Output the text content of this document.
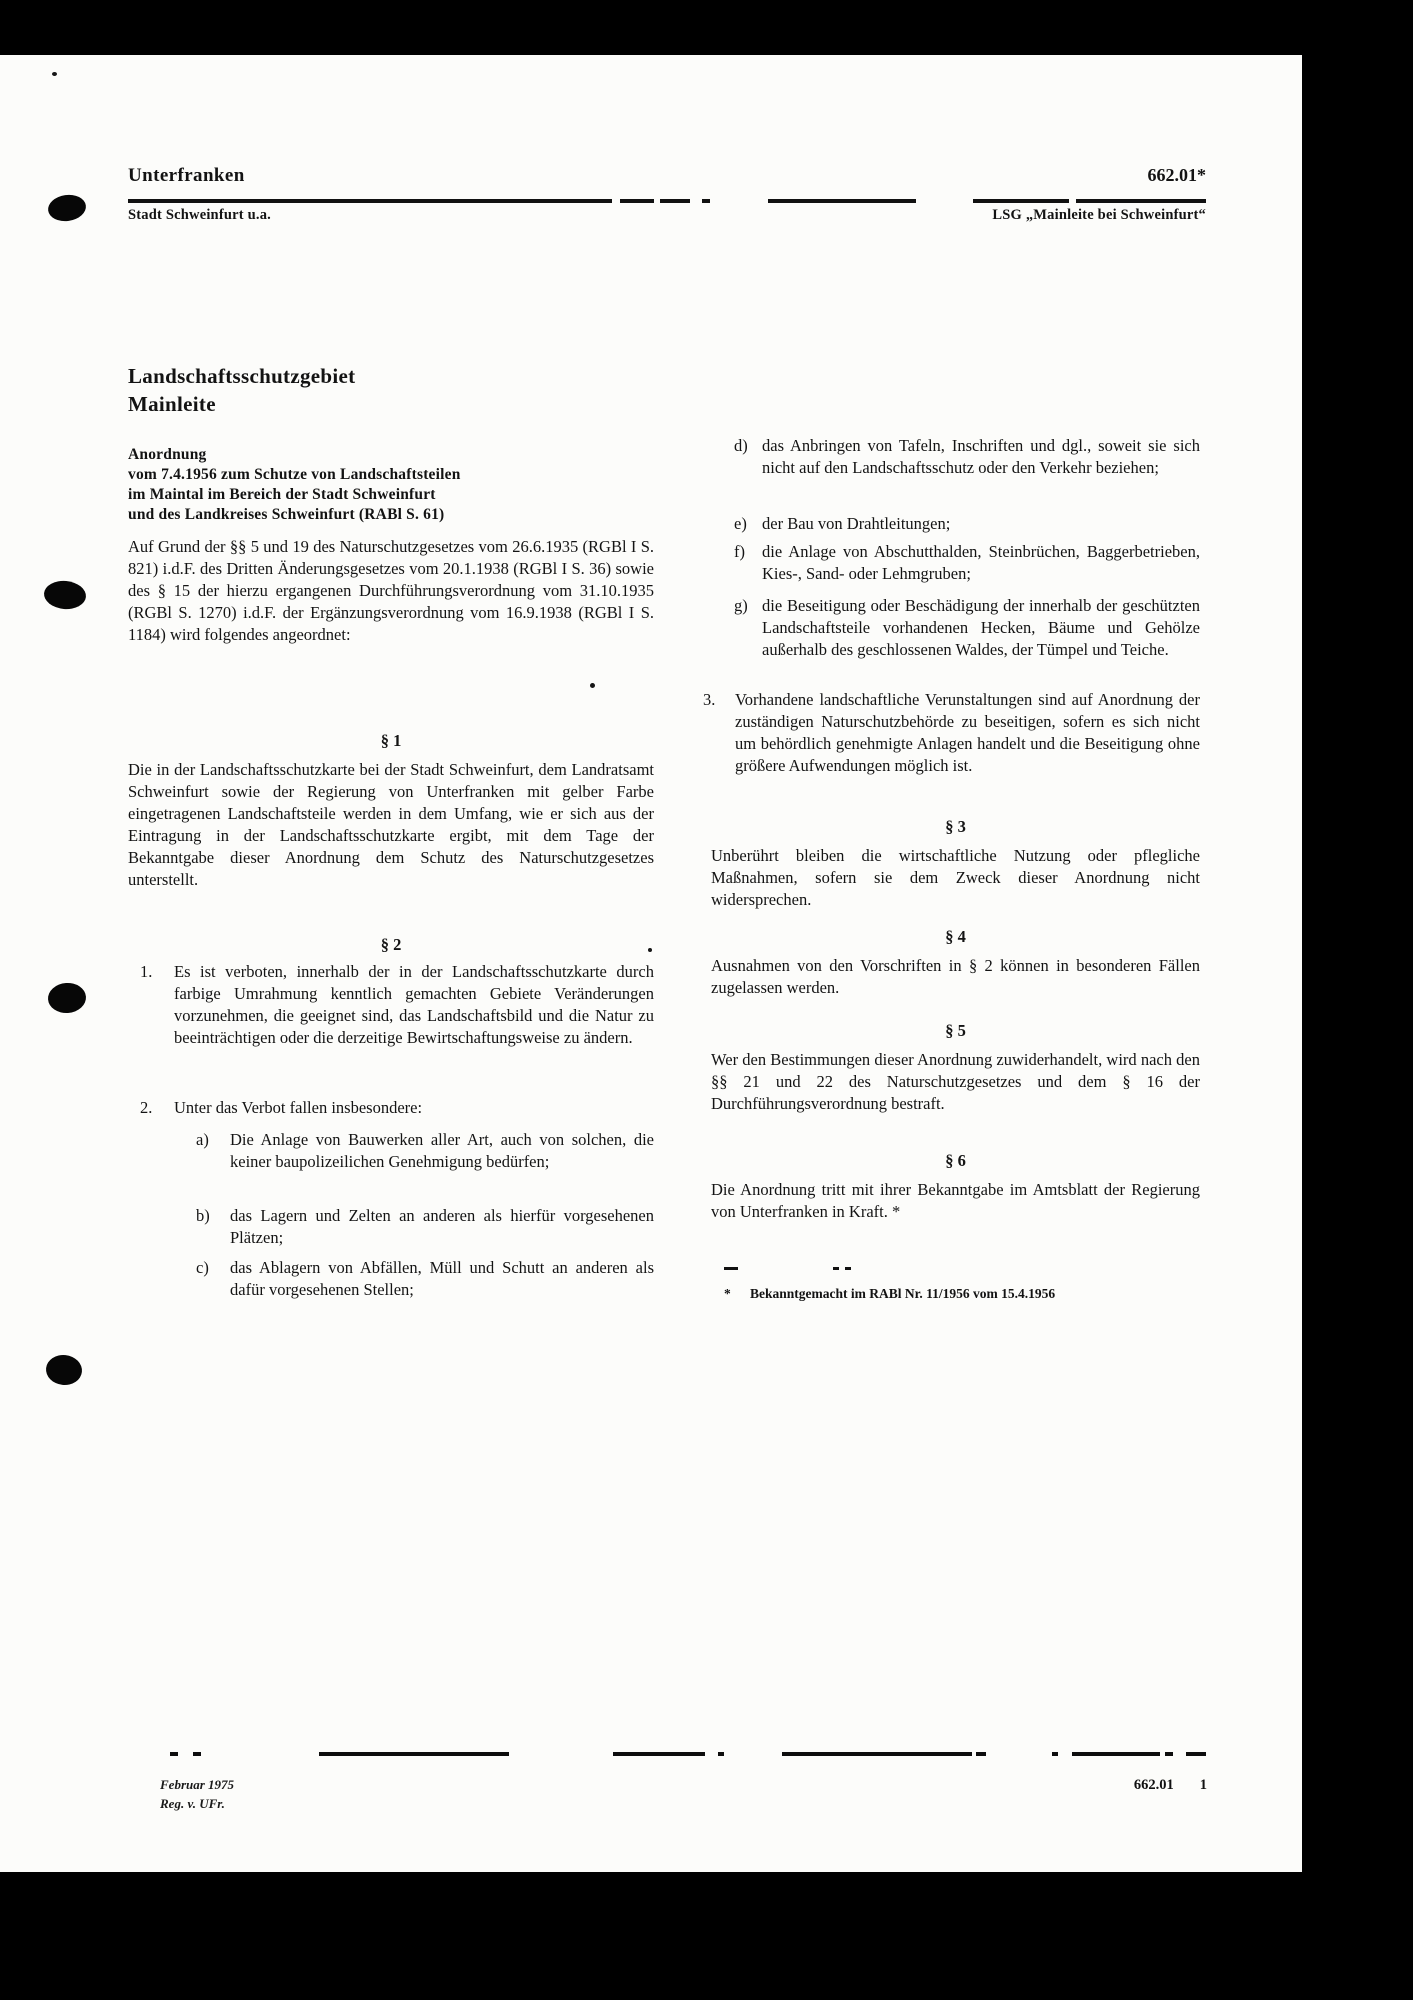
Unterfranken	662.01*
Stadt Schweinfurt u.a.	LSG „Mainleite bei Schweinfurt“
Landschaftsschutzgebiet
Mainleite
Anordnung
vom 7.4.1956 zum Schutze von Landschaftsteilen
im Maintal im Bereich der Stadt Schweinfurt
und des Landkreises Schweinfurt (RABl S. 61)
Auf Grund der §§ 5 und 19 des Naturschutzgesetzes vom 26.6.1935 (RGBl I S. 821) i.d.F. des Dritten Änderungsgesetzes vom 20.1.1938 (RGBl I S. 36) sowie des § 15 der hierzu ergangenen Durchführungsverordnung vom 31.10.1935 (RGBl S. 1270) i.d.F. der Ergänzungsverordnung vom 16.9.1938 (RGBl I S. 1184) wird folgendes angeordnet:
§ 1
Die in der Landschaftsschutzkarte bei der Stadt Schweinfurt, dem Landratsamt Schweinfurt sowie der Regierung von Unterfranken mit gelber Farbe eingetragenen Landschaftsteile werden in dem Umfang, wie er sich aus der Eintragung in der Landschaftsschutzkarte ergibt, mit dem Tage der Bekanntgabe dieser Anordnung dem Schutz des Naturschutzgesetzes unterstellt.
§ 2
1. Es ist verboten, innerhalb der in der Landschaftsschutzkarte durch farbige Umrahmung kenntlich gemachten Gebiete Veränderungen vorzunehmen, die geeignet sind, das Landschaftsbild und die Natur zu beeinträchtigen oder die derzeitige Bewirtschaftungsweise zu ändern.
2. Unter das Verbot fallen insbesondere:
a) Die Anlage von Bauwerken aller Art, auch von solchen, die keiner baupolizeilichen Genehmigung bedürfen;
b) das Lagern und Zelten an anderen als hierfür vorgesehenen Plätzen;
c) das Ablagern von Abfällen, Müll und Schutt an anderen als dafür vorgesehenen Stellen;
d) das Anbringen von Tafeln, Inschriften und dgl., soweit sie sich nicht auf den Landschaftsschutz oder den Verkehr beziehen;
e) der Bau von Drahtleitungen;
f) die Anlage von Abschutthalden, Steinbrüchen, Baggerbetrieben, Kies-, Sand- oder Lehmgruben;
g) die Beseitigung oder Beschädigung der innerhalb der geschützten Landschaftsteile vorhandenen Hecken, Bäume und Gehölze außerhalb des geschlossenen Waldes, der Tümpel und Teiche.
3. Vorhandene landschaftliche Verunstaltungen sind auf Anordnung der zuständigen Naturschutzbehörde zu beseitigen, sofern es sich nicht um behördlich genehmigte Anlagen handelt und die Beseitigung ohne größere Aufwendungen möglich ist.
§ 3
Unberührt bleiben die wirtschaftliche Nutzung oder pflegliche Maßnahmen, sofern sie dem Zweck dieser Anordnung nicht widersprechen.
§ 4
Ausnahmen von den Vorschriften in § 2 können in besonderen Fällen zugelassen werden.
§ 5
Wer den Bestimmungen dieser Anordnung zuwiderhandelt, wird nach den §§ 21 und 22 des Naturschutzgesetzes und dem § 16 der Durchführungsverordnung bestraft.
§ 6
Die Anordnung tritt mit ihrer Bekanntgabe im Amtsblatt der Regierung von Unterfranken in Kraft. *
* Bekanntgemacht im RABl Nr. 11/1956 vom 15.4.1956
Februar 1975
Reg. v. UFr.
662.01 1
